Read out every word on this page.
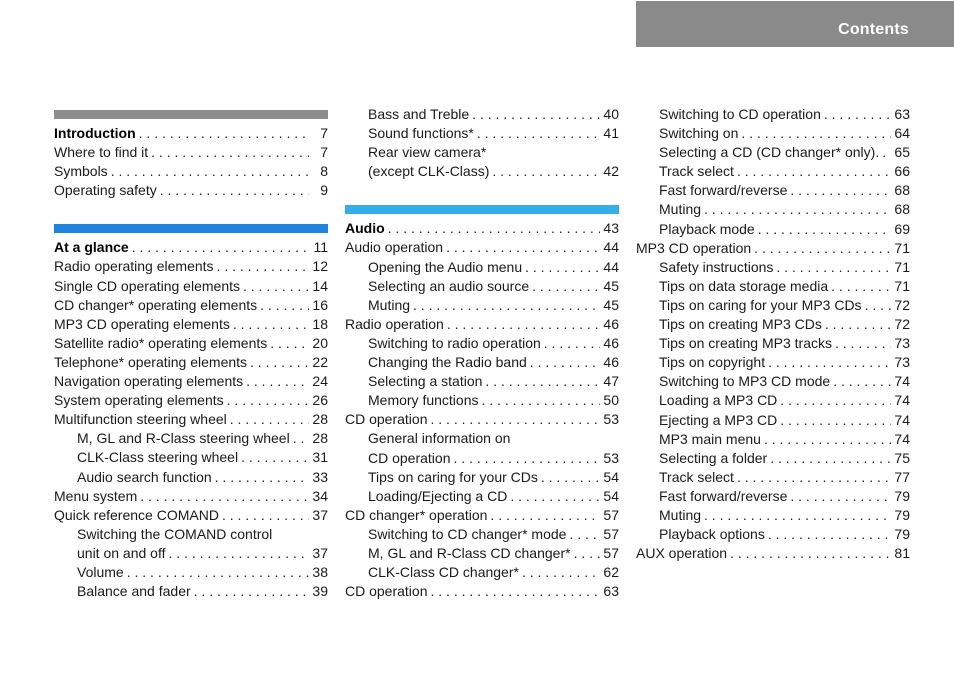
Contents
Introduction . . .	7
Where to find it . . .	7
Symbols . . .	8
Operating safety . . .	9
At a glance . . .	11
Radio operating elements . . .	12
Single CD operating elements . . .	14
CD changer* operating elements . . .	16
MP3 CD operating elements . . .	18
Satellite radio* operating elements . . .	20
Telephone* operating elements . . .	22
Navigation operating elements . . .	24
System operating elements . . .	26
Multifunction steering wheel . . .	28
M, GL and R-Class steering wheel . . . 28
CLK-Class steering wheel . . .	31
Audio search function . . .	33
Menu system . . .	34
Quick reference COMAND . . .	37
Switching the COMAND control
unit on and off . . .	37
Volume . . .	38
Balance and fader . . .	39
Bass and Treble . . .	40
Sound functions* . . .	41
Rear view camera*
(except CLK-Class) . . .	42
Audio . . .	43
Audio operation . . .	44
Opening the Audio menu . . .	44
Selecting an audio source . . .	45
Muting . . .	45
Radio operation . . .	46
Switching to radio operation . . .	46
Changing the Radio band . . .	46
Selecting a station . . .	47
Memory functions . . .	50
CD operation . . .	53
General information on
CD operation . . .	53
Tips on caring for your CDs . . .	54
Loading/Ejecting a CD . . .	54
CD changer* operation . . .	57
Switching to CD changer* mode . . .	57
M, GL and R-Class CD changer* . . . 57
CLK-Class CD changer* . . .	62
CD operation . . .	63
Switching to CD operation . . .	63
Switching on . . .	64
Selecting a CD (CD changer* only). . . . 65
Track select . . .	66
Fast forward/reverse . . .	68
Muting . . .	68
Playback mode . . .	69
MP3 CD operation . . .	71
Safety instructions . . .	71
Tips on data storage media . . .	71
Tips on caring for your MP3 CDs . . . 72
Tips on creating MP3 CDs . . .	72
Tips on creating MP3 tracks . . .	73
Tips on copyright . . .	73
Switching to MP3 CD mode . . .	74
Loading a MP3 CD . . .	74
Ejecting a MP3 CD . . .	74
MP3 main menu . . .	74
Selecting a folder . . .	75
Track select . . .	77
Fast forward/reverse . . .	79
Muting . . .	79
Playback options . . .	79
AUX operation . . .	81
